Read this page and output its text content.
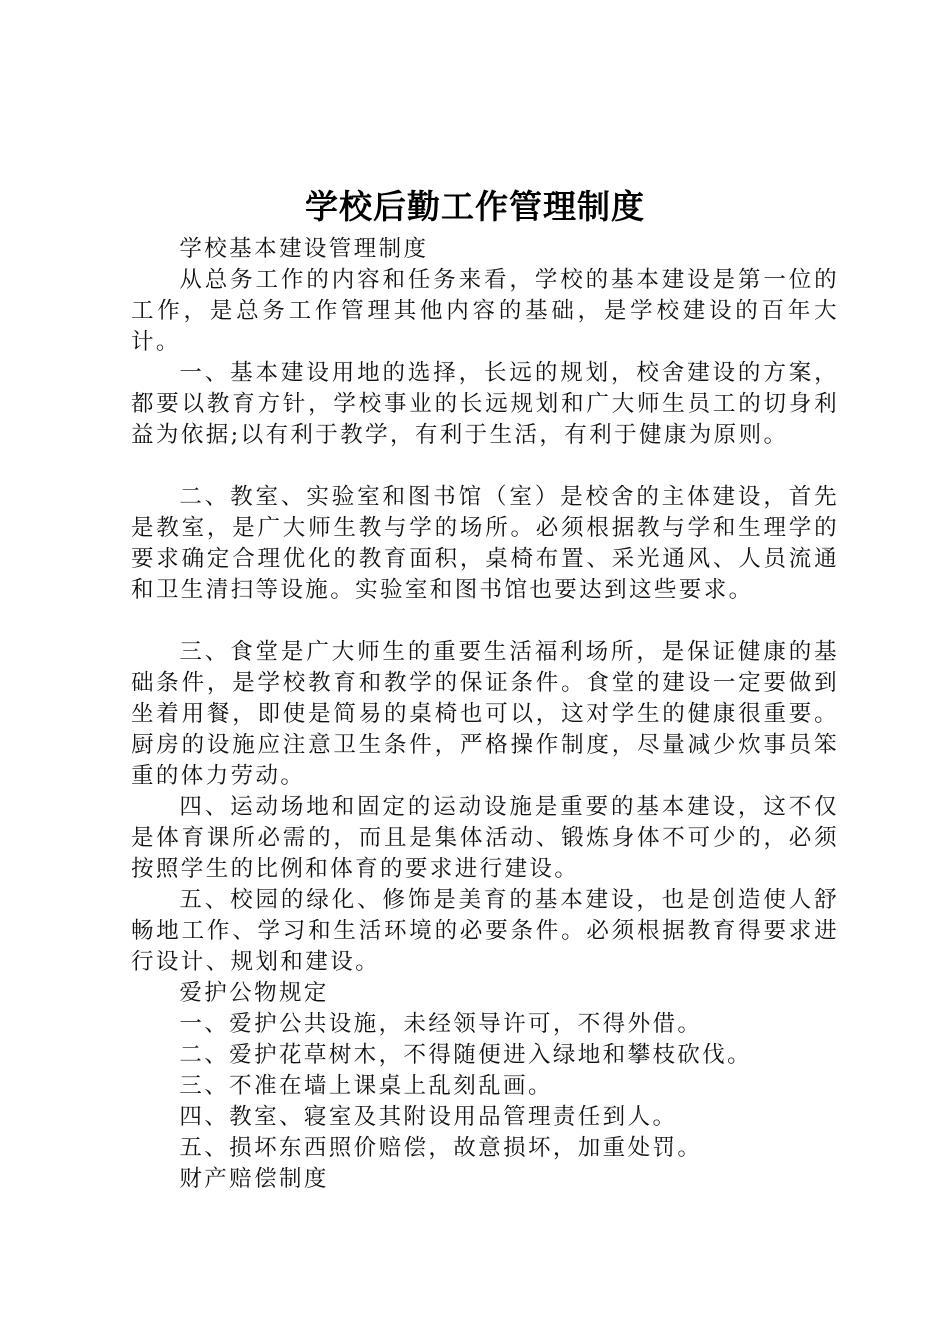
学校后勤工作管理制度

学校基本建设管理制度

从总务工作的内容和任务来看，学校的基本建设是第一位的工作，是总务工作管理其他内容的基础，是学校建设的百年大计。

一、基本建设用地的选择，长远的规划，校舍建设的方案，都要以教育方针，学校事业的长远规划和广大师生员工的切身利益为依据;以有利于教学，有利于生活，有利于健康为原则。

二、教室、实验室和图书馆（室）是校舍的主体建设，首先是教室，是广大师生教与学的场所。必须根据教与学和生理学的要求确定合理优化的教育面积，桌椅布置、采光通风、人员流通和卫生清扫等设施。实验室和图书馆也要达到这些要求。

三、食堂是广大师生的重要生活福利场所，是保证健康的基础条件，是学校教育和教学的保证条件。食堂的建设一定要做到坐着用餐，即使是简易的桌椅也可以，这对学生的健康很重要。厨房的设施应注意卫生条件，严格操作制度，尽量减少炊事员笨重的体力劳动。

四、运动场地和固定的运动设施是重要的基本建设，这不仅是体育课所必需的，而且是集体活动、锻炼身体不可少的，必须按照学生的比例和体育的要求进行建设。

五、校园的绿化、修饰是美育的基本建设，也是创造使人舒畅地工作、学习和生活环境的必要条件。必须根据教育得要求进行设计、规划和建设。

爱护公物规定

一、爱护公共设施，未经领导许可，不得外借。

二、爱护花草树木，不得随便进入绿地和攀枝砍伐。

三、不准在墙上课桌上乱刻乱画。

四、教室、寝室及其附设用品管理责任到人。

五、损坏东西照价赔偿，故意损坏，加重处罚。

财产赔偿制度
